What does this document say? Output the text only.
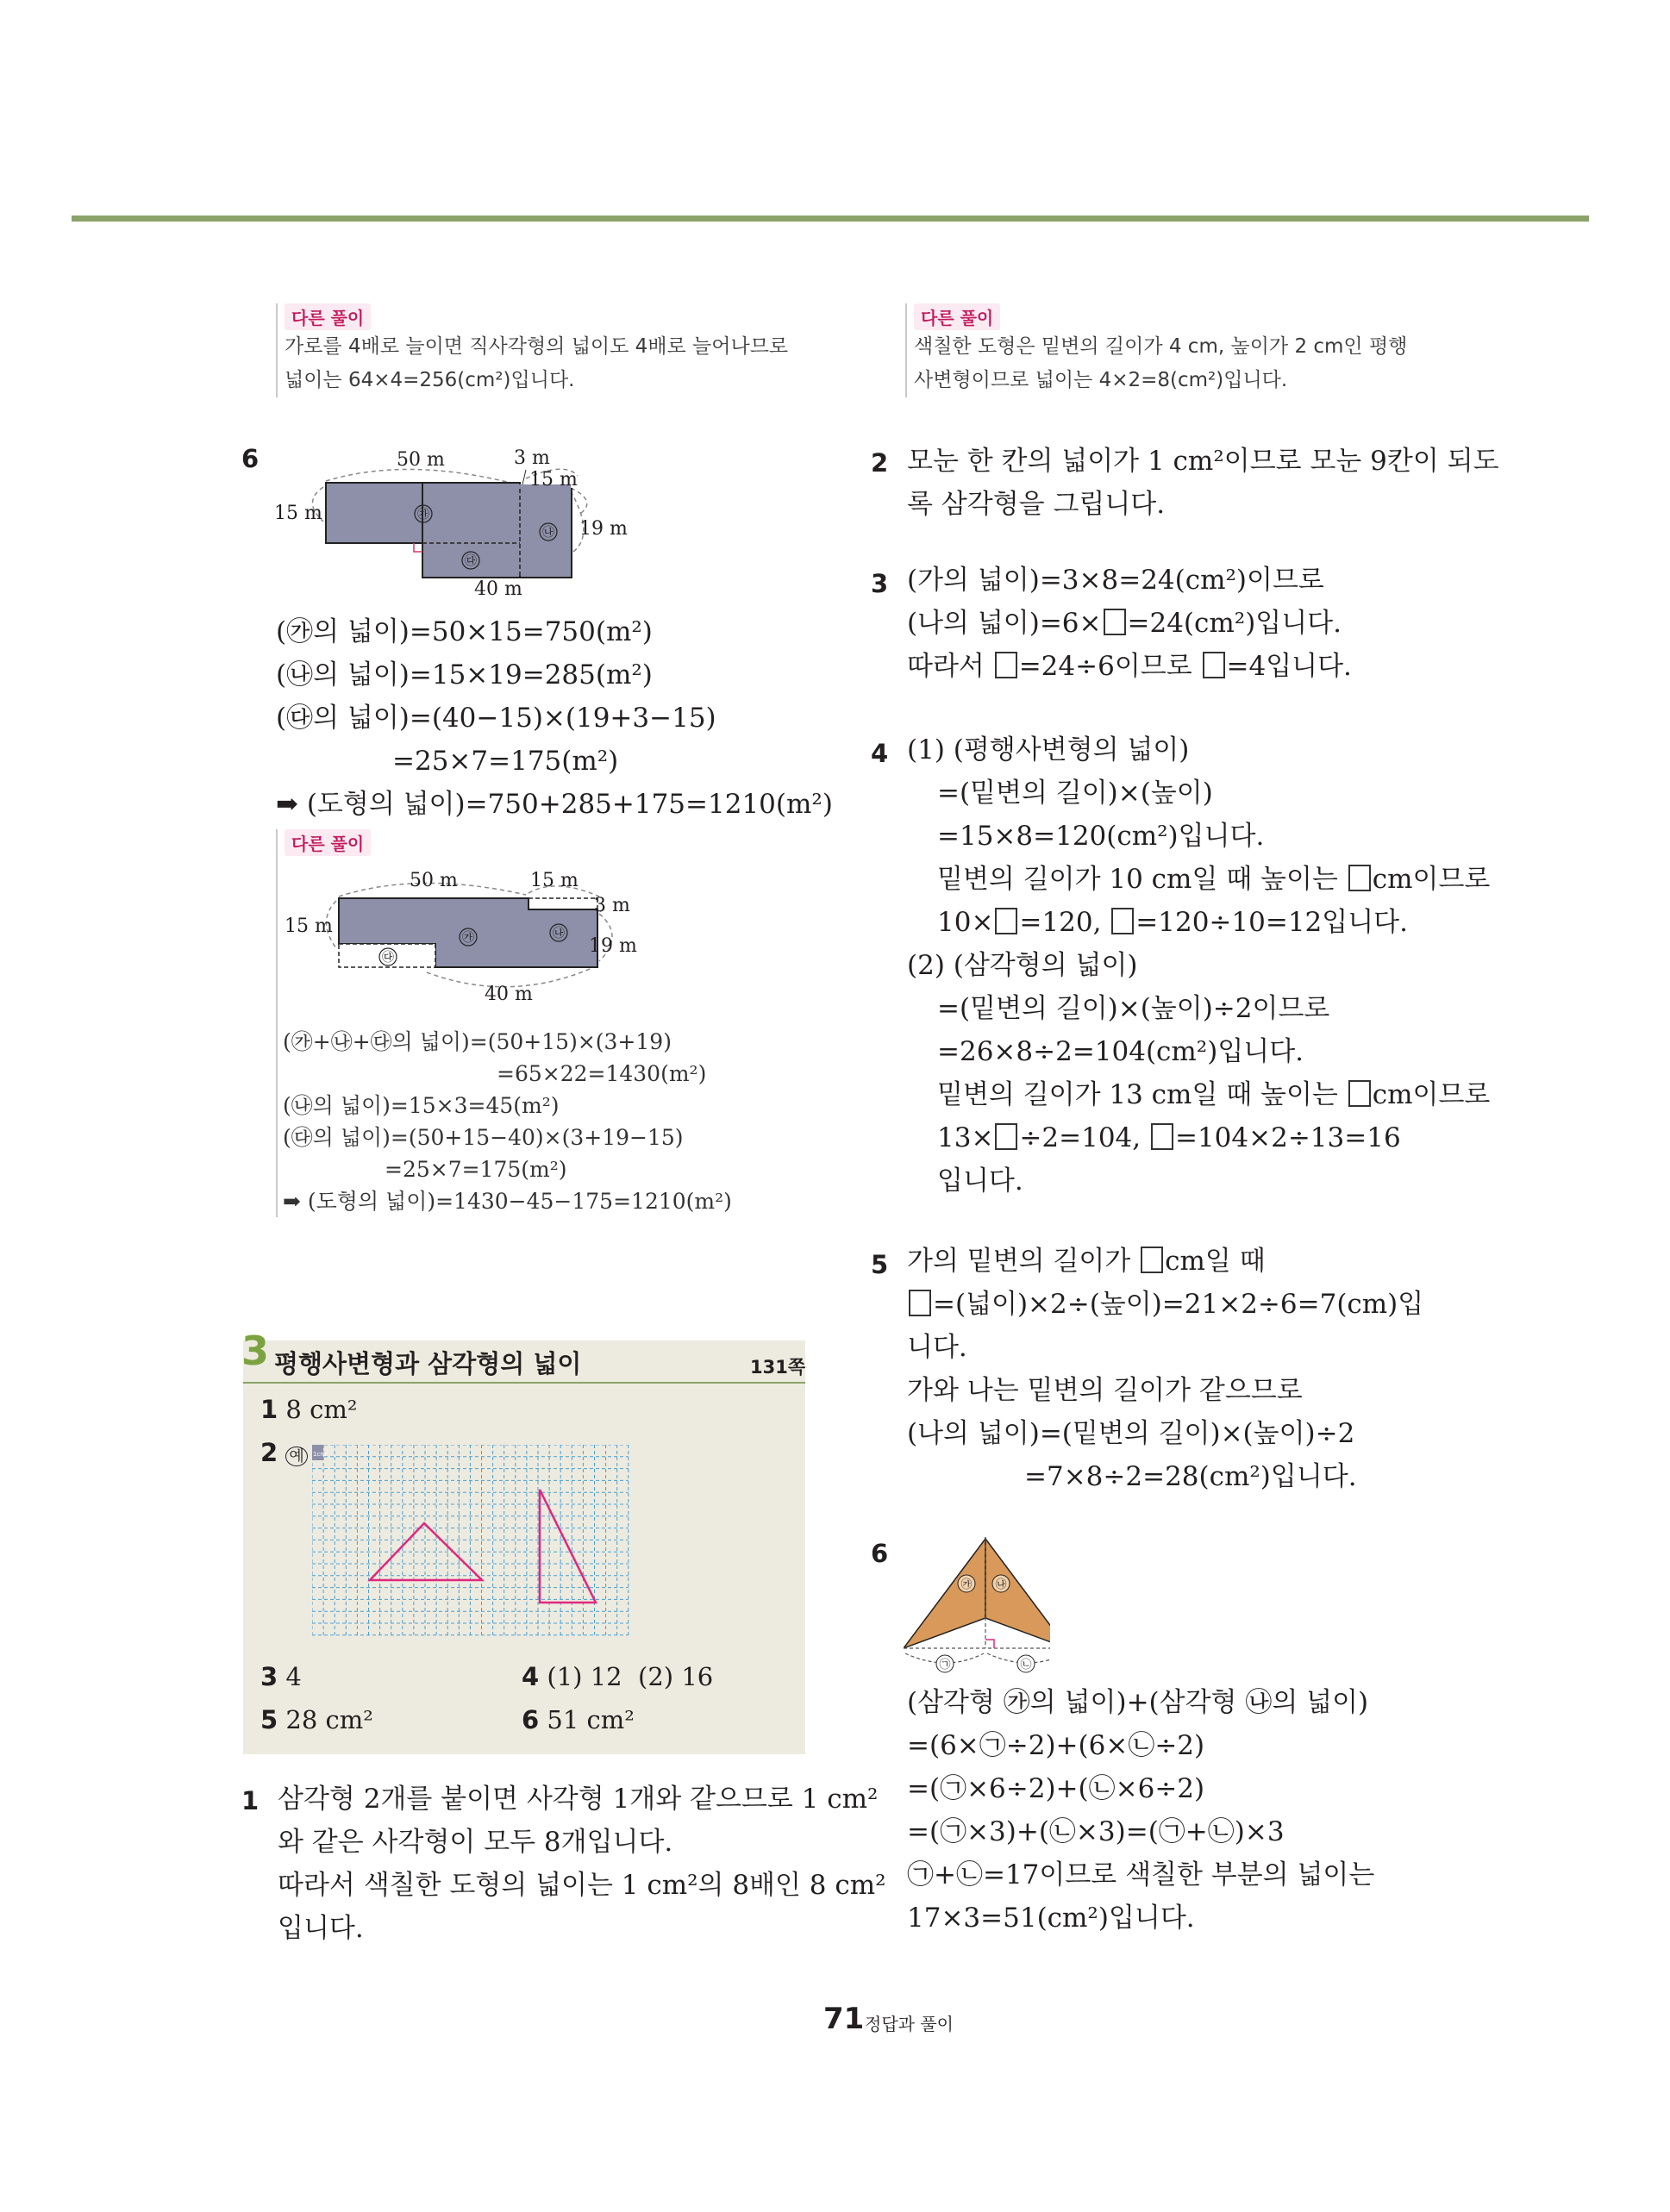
다른 풀이
가로를 4배로 늘이면 직사각형의 넓이도 4배로 늘어나므로
넓이는 64×4=256(cm²)입니다.
6	50 m	3 m
15 m
15 m
19 m
40 m
㉮
㉯
㉰
(㉮의 넓이)=50×15=750(m²)
(㉯의 넓이)=15×19=285(m²)
(㉰의 넓이)=(40−15)×(19+3−15)
=25×7=175(m²)
➡ (도형의 넓이)=750+285+175=1210(m²)
다른 풀이
50 m	15 m
3 m
15 m
19 m
40 m
㉮	㉯
㉰
(㉮+㉯+㉰의 넓이)=(50+15)×(3+19)
=65×22=1430(m²)
(㉯의 넓이)=15×3=45(m²)
(㉰의 넓이)=(50+15−40)×(3+19−15)
=25×7=175(m²)
➡ (도형의 넓이)=1430−45−175=1210(m²)
3 평행사변형과 삼각형의 넓이	131쪽
1 8 cm²
2 예	1cm²
3 4	4 (1) 12  (2) 16
5 28 cm²	6 51 cm²
1 삼각형 2개를 붙이면 사각형 1개와 같으므로 1 cm²
와 같은 사각형이 모두 8개입니다.
따라서 색칠한 도형의 넓이는 1 cm²의 8배인 8 cm²
입니다.
다른 풀이
색칠한 도형은 밑변의 길이가 4 cm, 높이가 2 cm인 평행
사변형이므로 넓이는 4×2=8(cm²)입니다.
2 모눈 한 칸의 넓이가 1 cm²이므로 모눈 9칸이 되도
록 삼각형을 그립니다.
3 (가의 넓이)=3×8=24(cm²)이므로
(나의 넓이)=6× =24(cm²)입니다.
따라서 =24÷6이므로 =4입니다.
4 (1) (평행사변형의 넓이)
=(밑변의 길이)×(높이)
=15×8=120(cm²)입니다.
밑변의 길이가 10 cm일 때 높이는 cm이므로
10× =120, =120÷10=12입니다.
(2) (삼각형의 넓이)
=(밑변의 길이)×(높이)÷2이므로
=26×8÷2=104(cm²)입니다.
밑변의 길이가 13 cm일 때 높이는 cm이므로
13× ÷2=104, =104×2÷13=16
입니다.
5 가의 밑변의 길이가 cm일 때
=(넓이)×2÷(높이)=21×2÷6=7(cm)입
니다.
가와 나는 밑변의 길이가 같으므로
(나의 넓이)=(밑변의 길이)×(높이)÷2
=7×8÷2=28(cm²)입니다.
6
㉮ ㉯
㉠	㉡
(삼각형 ㉮의 넓이)+(삼각형 ㉯의 넓이)
=(6×㉠÷2)+(6×㉡÷2)
=(㉠×6÷2)+(㉡×6÷2)
=(㉠×3)+(㉡×3)=(㉠+㉡)×3
㉠+㉡=17이므로 색칠한 부분의 넓이는
17×3=51(cm²)입니다.
71 정답과 풀이
